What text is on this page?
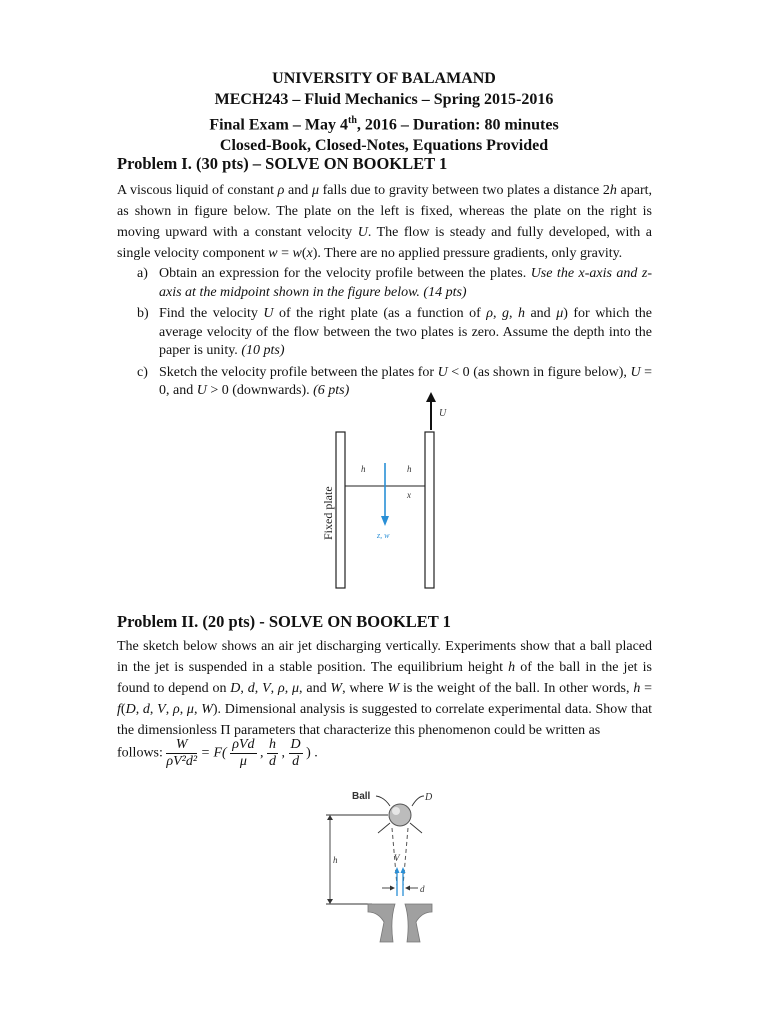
UNIVERSITY OF BALAMAND
MECH243 – Fluid Mechanics – Spring 2015-2016
Final Exam – May 4th, 2016 – Duration: 80 minutes
Closed-Book, Closed-Notes, Equations Provided
Problem I. (30 pts) – SOLVE ON BOOKLET 1

A viscous liquid of constant ρ and μ falls due to gravity between two plates a distance 2h apart, as shown in figure below. The plate on the left is fixed, whereas the plate on the right is moving upward with a constant velocity U. The flow is steady and fully developed, with a single velocity component w = w(x). There are no applied pressure gradients, only gravity.

a) Obtain an expression for the velocity profile between the plates. Use the x-axis and z-axis at the midpoint shown in the figure below. (14 pts)
b) Find the velocity U of the right plate (as a function of ρ, g, h and μ) for which the average velocity of the flow between the two plates is zero. Assume the depth into the paper is unity. (10 pts)
c) Sketch the velocity profile between the plates for U < 0 (as shown in figure below), U = 0, and U > 0 (downwards). (6 pts)
U
h	h
x
z, w
Fixed plate
Problem II. (20 pts) - SOLVE ON BOOKLET 1

The sketch below shows an air jet discharging vertically. Experiments show that a ball placed in the jet is suspended in a stable position. The equilibrium height h of the ball in the jet is found to depend on D, d, V, ρ, μ, and W, where W is the weight of the ball. In other words, h = f(D, d, V, ρ, μ, W). Dimensional analysis is suggested to correlate experimental data. Show that the dimensionless Π parameters that characterize this phenomenon could be written as

follows: $\frac{W}{\text{ρV²d²}} = F( \frac{\text{ρVd}}{\mu}$ , $\frac{h}{d}$ , $\frac{D}{d}$ ) .
Ball	D
h	V
d
